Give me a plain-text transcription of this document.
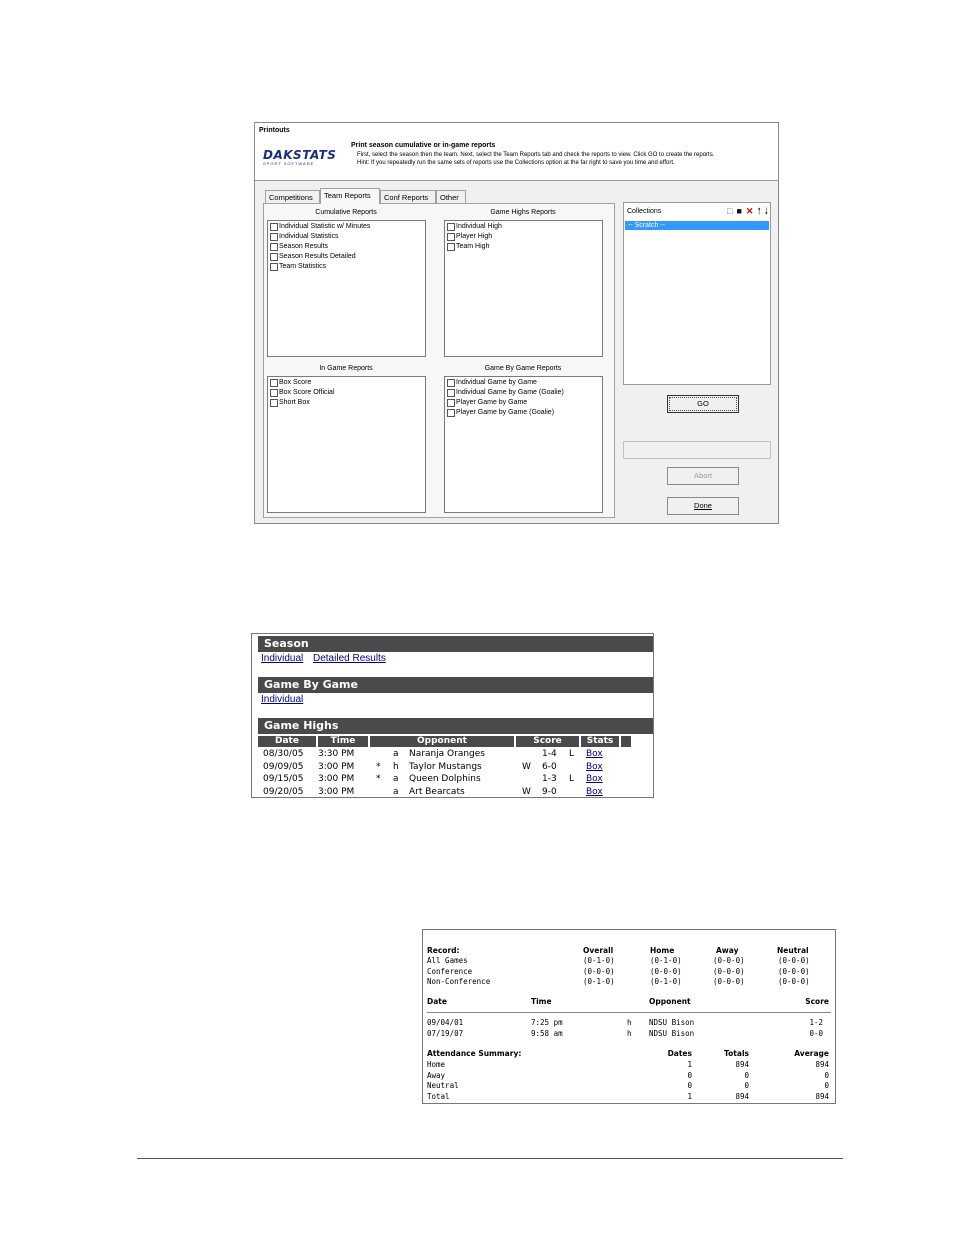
Printouts
DAKSTATS
SPORT SOFTWARE
Print season cumulative or in-game reports
First, select the season then the team. Next, select the Team Reports tab and check the reports to view. Click GO to create the reports.
Hint: If you repeatedly run the same sets of reports use the Collections option at the far right to save you time and effort.
Competitions	Team Reports	Conf Reports	Other
Cumulative Reports
Individual Statistic w/ Minutes
Individual Statistics
Season Results
Season Results Detailed
Team Statistics
Game Highs Reports
Individual High
Player High
Team High
In Game Reports
Box Score
Box Score Official
Short Box
Game By Game Reports
Individual Game by Game
Individual Game by Game (Goalie)
Player Game by Game
Player Game by Game (Goalie)
Collections	□ ■ ✕ 🠑 🠓
-- Scratch --
GO
Abort
Done
Season
Individual Detailed Results
Game By Game
Individual
Game Highs
Date	Time	Opponent	Score	Stats
08/30/05 3:30 PM	a Naranja Oranges	1-4 L Box
09/09/05 3:00 PM * h Taylor Mustangs	W 6-0	Box
09/15/05 3:00 PM * a Queen Dolphins	1-3 L Box
09/20/05 3:00 PM	a Art Bearcats	W 9-0	Box
Record:	Overall	Home	Away	Neutral
All Games	(0-1-0)	(0-1-0)	(0-0-0)	(0-0-0)
Conference	(0-0-0)	(0-0-0)	(0-0-0)	(0-0-0)
Non-Conference	(0-1-0)	(0-1-0)	(0-0-0)	(0-0-0)
Date	Time	Opponent	Score
09/04/01	7:25 pm	h NDSU Bison	1-2
07/19/07	9:58 am	h NDSU Bison	0-0
Attendance Summary:	Dates	Totals	Average
Home	1	894	894
Away	0	0	0
Neutral	0	0	0
Total	1	894	894
